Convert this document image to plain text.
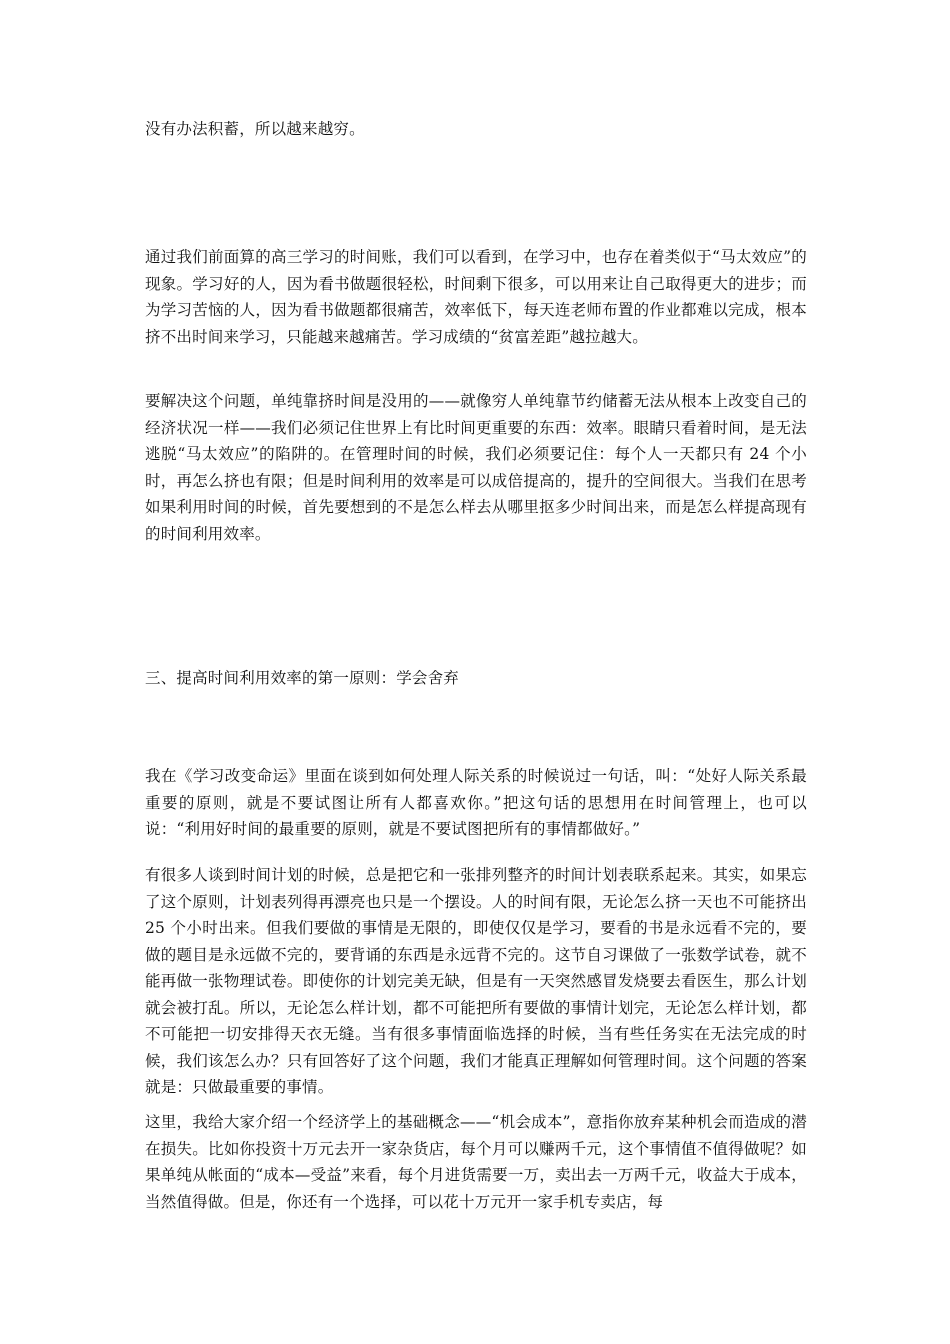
没有办法积蓄，所以越来越穷。

通过我们前面算的高三学习的时间账，我们可以看到，在学习中，也存在着类似于“马太效应”的现象。学习好的人，因为看书做题很轻松，时间剩下很多，可以用来让自己取得更大的进步；而为学习苦恼的人，因为看书做题都很痛苦，效率低下，每天连老师布置的作业都难以完成，根本挤不出时间来学习，只能越来越痛苦。学习成绩的“贫富差距”越拉越大。

要解决这个问题，单纯靠挤时间是没用的——就像穷人单纯靠节约储蓄无法从根本上改变自己的经济状况一样——我们必须记住世界上有比时间更重要的东西：效率。眼睛只看着时间，是无法逃脱“马太效应”的陷阱的。在管理时间的时候，我们必须要记住：每个人一天都只有 24 个小时，再怎么挤也有限；但是时间利用的效率是可以成倍提高的，提升的空间很大。当我们在思考如果利用时间的时候，首先要想到的不是怎么样去从哪里抠多少时间出来，而是怎么样提高现有的时间利用效率。

三、提高时间利用效率的第一原则：学会舍弃

我在《学习改变命运》里面在谈到如何处理人际关系的时候说过一句话，叫：“处好人际关系最重要的原则，就是不要试图让所有人都喜欢你。”把这句话的思想用在时间管理上，也可以说：“利用好时间的最重要的原则，就是不要试图把所有的事情都做好。”

有很多人谈到时间计划的时候，总是把它和一张排列整齐的时间计划表联系起来。其实，如果忘了这个原则，计划表列得再漂亮也只是一个摆设。人的时间有限，无论怎么挤一天也不可能挤出 25 个小时出来。但我们要做的事情是无限的，即使仅仅是学习，要看的书是永远看不完的，要做的题目是永远做不完的，要背诵的东西是永远背不完的。这节自习课做了一张数学试卷，就不能再做一张物理试卷。即使你的计划完美无缺，但是有一天突然感冒发烧要去看医生，那么计划就会被打乱。所以，无论怎么样计划，都不可能把所有要做的事情计划完，无论怎么样计划，都不可能把一切安排得天衣无缝。当有很多事情面临选择的时候，当有些任务实在无法完成的时候，我们该怎么办？只有回答好了这个问题，我们才能真正理解如何管理时间。这个问题的答案就是：只做最重要的事情。

这里，我给大家介绍一个经济学上的基础概念——“机会成本”，意指你放弃某种机会而造成的潜在损失。比如你投资十万元去开一家杂货店，每个月可以赚两千元，这个事情值不值得做呢？如果单纯从帐面的“成本—受益”来看，每个月进货需要一万，卖出去一万两千元，收益大于成本，当然值得做。但是，你还有一个选择，可以花十万元开一家手机专卖店，每
